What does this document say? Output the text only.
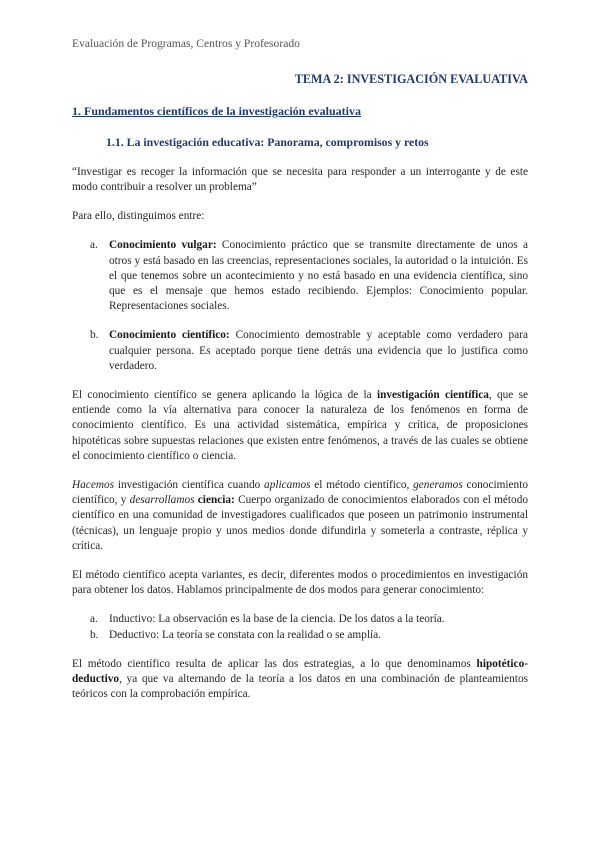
Evaluación de Programas, Centros y Profesorado
TEMA 2: INVESTIGACIÓN EVALUATIVA
1. Fundamentos científicos de la investigación evaluativa
1.1. La investigación educativa: Panorama, compromisos y retos

“Investigar es recoger la información que se necesita para responder a un interrogante y de este modo contribuir a resolver un problema”

Para ello, distinguimos entre:

a. Conocimiento vulgar: Conocimiento práctico que se transmite directamente de unos a otros y está basado en las creencias, representaciones sociales, la autoridad o la intuición. Es el que tenemos sobre un acontecimiento y no está basado en una evidencia científica, sino que es el mensaje que hemos estado recibiendo. Ejemplos: Conocimiento popular. Representaciones sociales.
b. Conocimiento científico: Conocimiento demostrable y aceptable como verdadero para cualquier persona. Es aceptado porque tiene detrás una evidencia que lo justifica como verdadero.

El conocimiento científico se genera aplicando la lógica de la investigación científica, que se entiende como la vía alternativa para conocer la naturaleza de los fenómenos en forma de conocimiento científico. Es una actividad sistemática, empírica y crítica, de proposiciones hipotéticas sobre supuestas relaciones que existen entre fenómenos, a través de las cuales se obtiene el conocimiento científico o ciencia.

Hacemos investigación científica cuando aplicamos el método científico, generamos conocimiento científico, y desarrollamos ciencia: Cuerpo organizado de conocimientos elaborados con el método científico en una comunidad de investigadores cualificados que poseen un patrimonio instrumental (técnicas), un lenguaje propio y unos medios donde difundirla y someterla a contraste, réplica y crítica.

El método científico acepta variantes, es decir, diferentes modos o procedimientos en investigación para obtener los datos. Hablamos principalmente de dos modos para generar conocimiento:

a. Inductivo: La observación es la base de la ciencia. De los datos a la teoría.
b. Deductivo: La teoría se constata con la realidad o se amplía.

El método científico resulta de aplicar las dos estrategias, a lo que denominamos hipotético-deductivo, ya que va alternando de la teoría a los datos en una combinación de planteamientos teóricos con la comprobación empírica.
